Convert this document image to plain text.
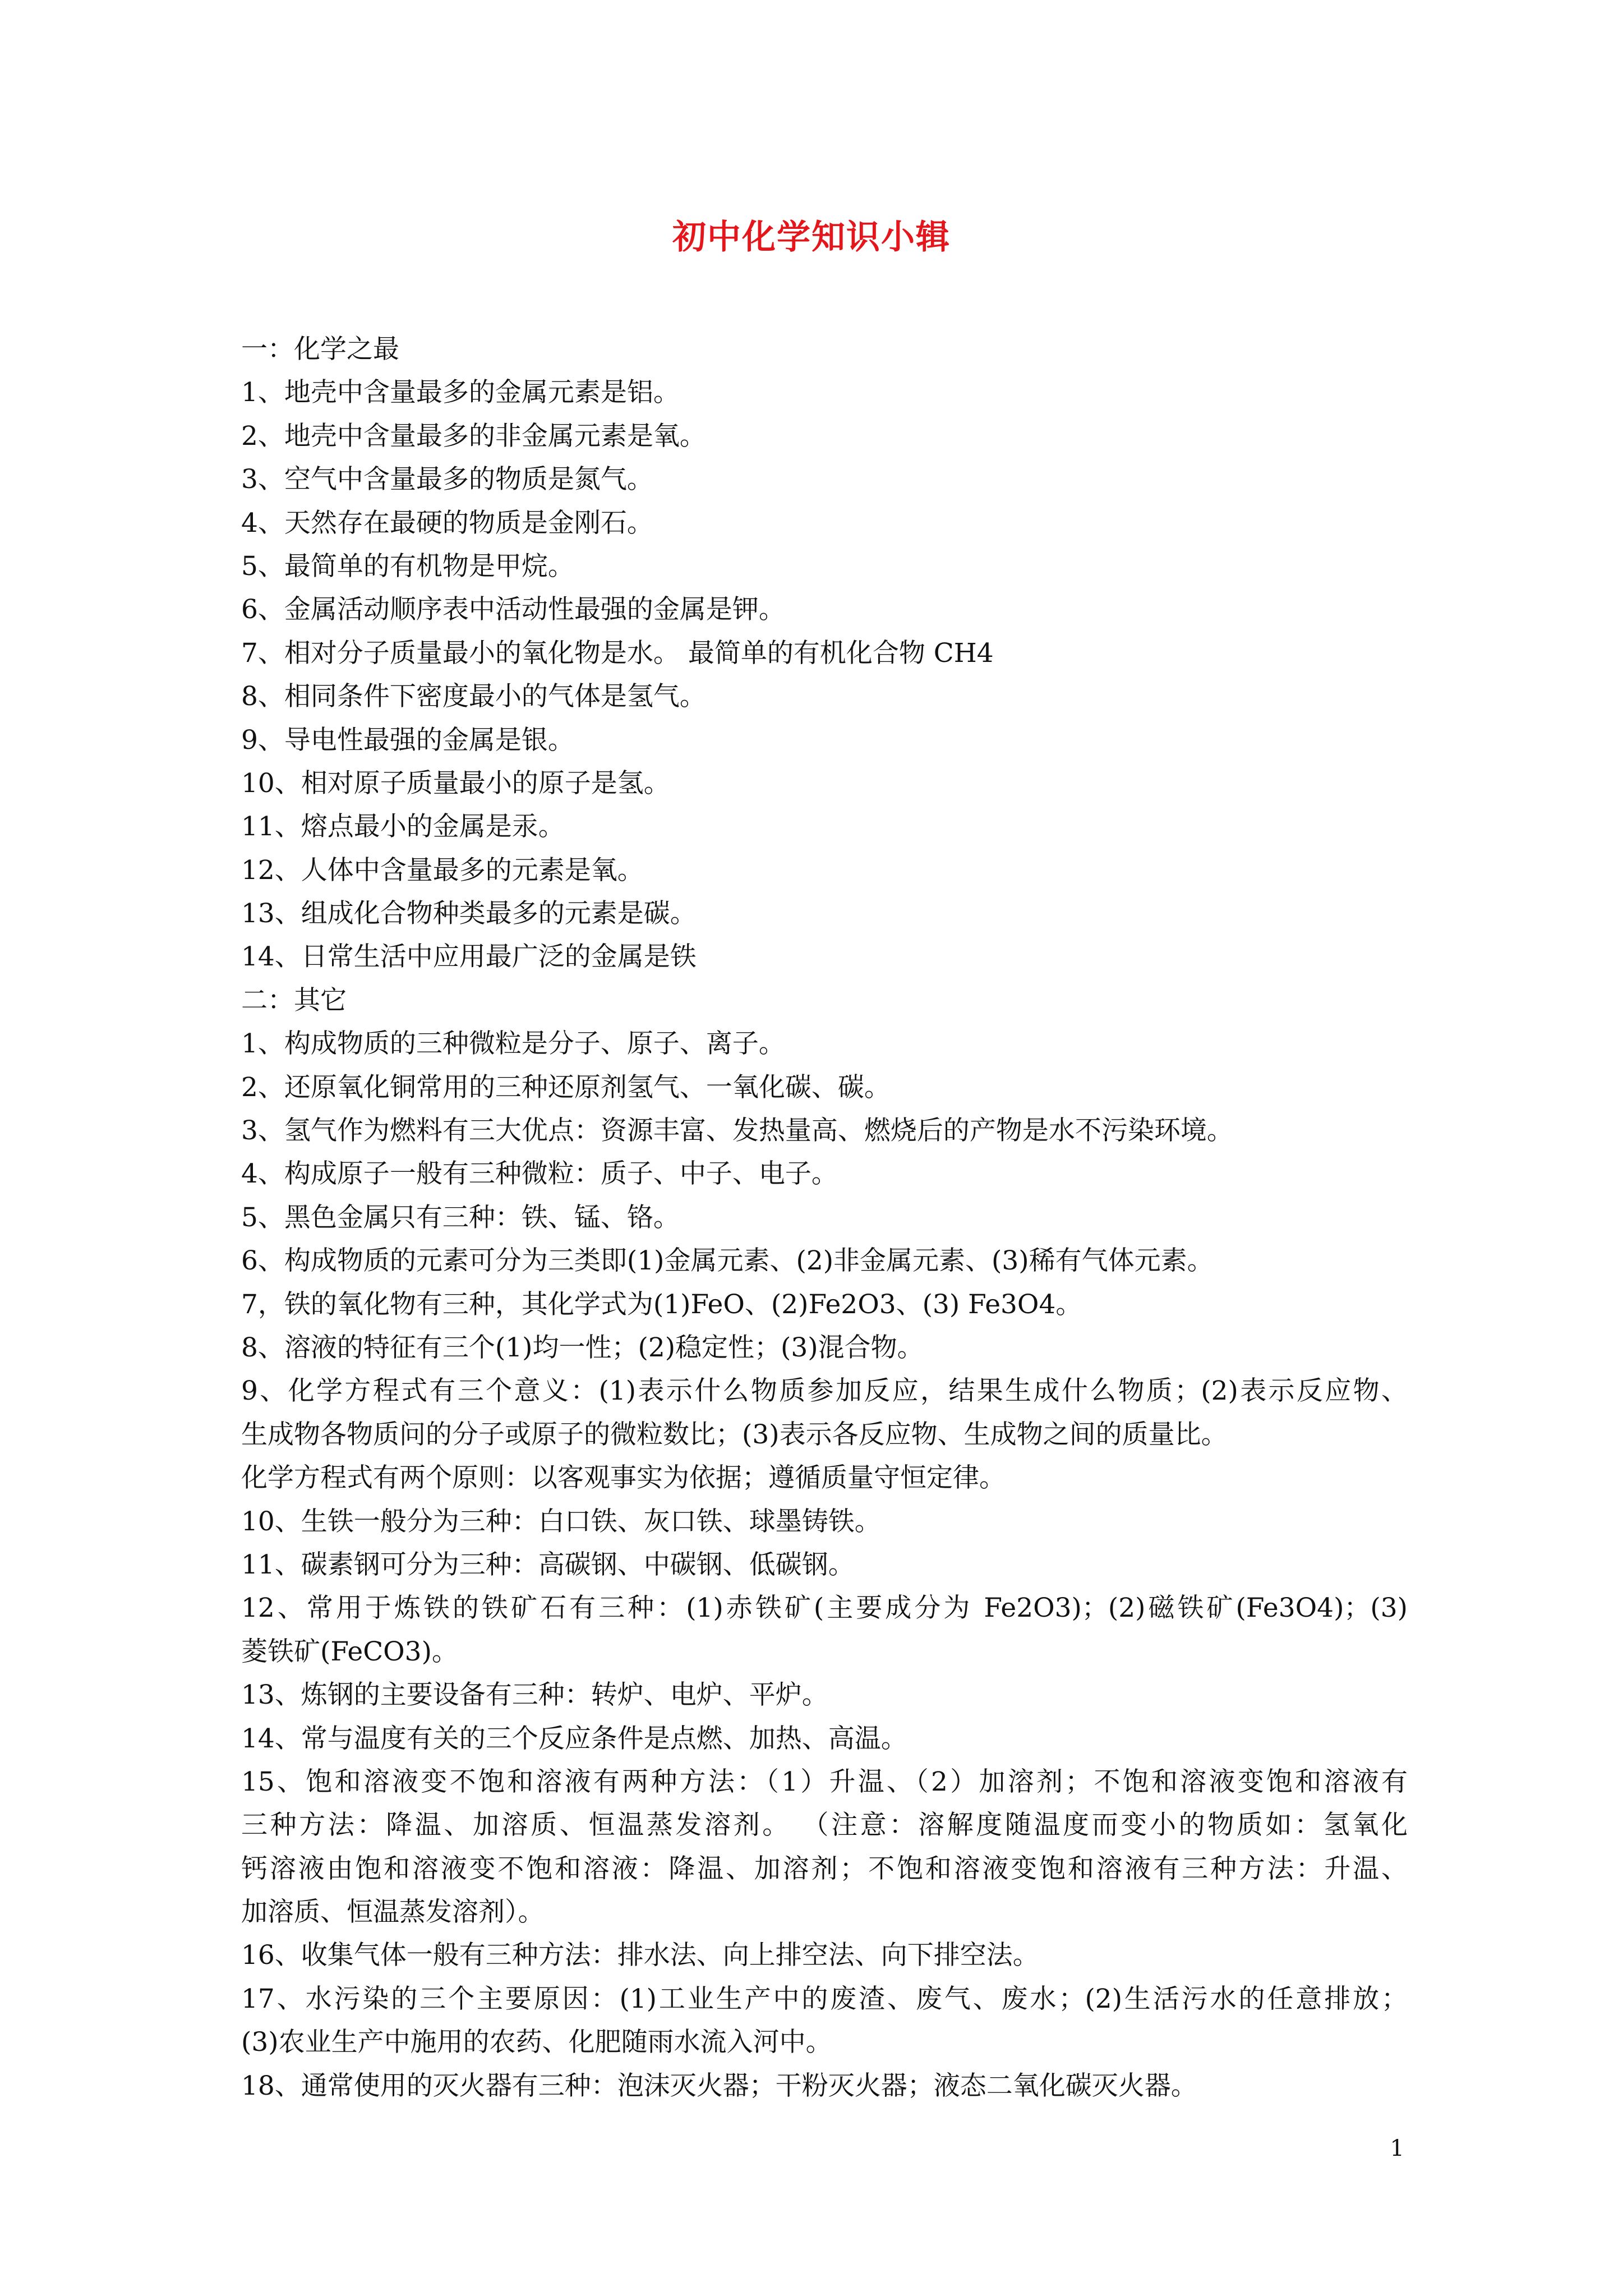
初中化学知识小辑
一：化学之最
1、地壳中含量最多的金属元素是铝。
2、地壳中含量最多的非金属元素是氧。
3、空气中含量最多的物质是氮气。
4、天然存在最硬的物质是金刚石。
5、最简单的有机物是甲烷。
6、金属活动顺序表中活动性最强的金属是钾。
7、相对分子质量最小的氧化物是水。 最简单的有机化合物 CH4
8、相同条件下密度最小的气体是氢气。
9、导电性最强的金属是银。
10、相对原子质量最小的原子是氢。
11、熔点最小的金属是汞。
12、人体中含量最多的元素是氧。
13、组成化合物种类最多的元素是碳。
14、日常生活中应用最广泛的金属是铁
二：其它
1、构成物质的三种微粒是分子、原子、离子。
2、还原氧化铜常用的三种还原剂氢气、一氧化碳、碳。
3、氢气作为燃料有三大优点：资源丰富、发热量高、燃烧后的产物是水不污染环境。
4、构成原子一般有三种微粒：质子、中子、电子。
5、黑色金属只有三种：铁、锰、铬。
6、构成物质的元素可分为三类即(1)金属元素、(2)非金属元素、(3)稀有气体元素。
7，铁的氧化物有三种，其化学式为(1)FeO、(2)Fe2O3、(3) Fe3O4。
8、溶液的特征有三个(1)均一性；(2)稳定性；(3)混合物。
9、化学方程式有三个意义：(1)表示什么物质参加反应，结果生成什么物质；(2)表示反应物、
生成物各物质问的分子或原子的微粒数比；(3)表示各反应物、生成物之间的质量比。
化学方程式有两个原则：以客观事实为依据；遵循质量守恒定律。
10、生铁一般分为三种：白口铁、灰口铁、球墨铸铁。
11、碳素钢可分为三种：高碳钢、中碳钢、低碳钢。
12、常用于炼铁的铁矿石有三种：(1)赤铁矿(主要成分为 Fe2O3)；(2)磁铁矿(Fe3O4)；(3)
菱铁矿(FeCO3)。
13、炼钢的主要设备有三种：转炉、电炉、平炉。
14、常与温度有关的三个反应条件是点燃、加热、高温。
15、饱和溶液变不饱和溶液有两种方法：（1）升温、（2）加溶剂；不饱和溶液变饱和溶液有
三种方法：降温、加溶质、恒温蒸发溶剂。 （注意：溶解度随温度而变小的物质如：氢氧化
钙溶液由饱和溶液变不饱和溶液：降温、加溶剂；不饱和溶液变饱和溶液有三种方法：升温、
加溶质、恒温蒸发溶剂）。
16、收集气体一般有三种方法：排水法、向上排空法、向下排空法。
17、水污染的三个主要原因：(1)工业生产中的废渣、废气、废水；(2)生活污水的任意排放；
(3)农业生产中施用的农药、化肥随雨水流入河中。
18、通常使用的灭火器有三种：泡沫灭火器；干粉灭火器；液态二氧化碳灭火器。
1
